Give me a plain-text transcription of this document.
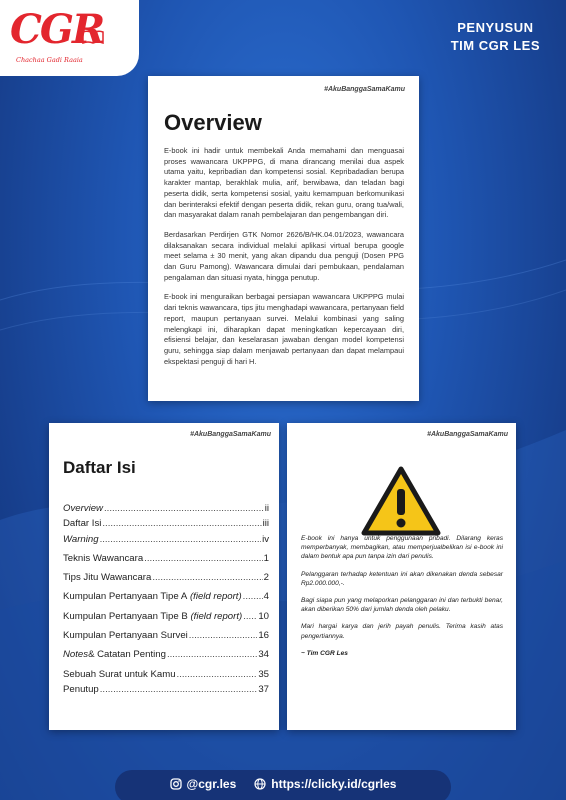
CGR
Chachaa Gadi Raaia
PENYUSUN
TIM CGR LES
#AkuBanggaSamaKamu
Overview

E-book ini hadir untuk membekali Anda memahami dan menguasai proses wawancara UKPPPG, di mana dirancang menilai dua aspek utama yaitu, kepribadian dan kompetensi sosial. Kepribadadian berupa karakter mantap, berakhlak mulia, arif, berwibawa, dan teladan bagi peserta didik, serta kompetensi sosial, yaitu kemampuan berkomunikasi dan berinteraksi efektif dengan peserta didik, rekan guru, orang tua/wali, dan masyarakat dalam ranah pembelajaran dan pengembangan diri.

Berdasarkan Perdirjen GTK Nomor 2626/B/HK.04.01/2023, wawancara dilaksanakan secara individual melalui aplikasi virtual berupa google meet selama ± 30 menit, yang akan dipandu dua penguji (Dosen PPG dan Guru Pamong). Wawancara dimulai dari pembukaan, pendalaman pengalaman dan situasi nyata, hingga penutup.

E-book ini menguraikan berbagai persiapan wawancara UKPPPG mulai dari teknis wawancara, tips jitu menghadapi wawancara, pertanyaan field report, maupun pertanyaan survei. Melalui kombinasi yang saling melengkapi ini, diharapkan dapat meningkatkan kepercayaan diri, efisiensi belajar, dan keselarasan jawaban dengan model kompetensi guru, sehingga siap dalam menjawab pertanyaan dan dapat melampaui ekspektasi penguji di hari H.

#AkuBanggaSamaKamu
Daftar Isi
Overview .....	ii
Daftar Isi .....	iii
Warning .....	iv
Teknis Wawancara .....	1
Tips Jitu Wawancara .....	2
Kumpulan Pertanyaan Tipe A
(field report) ..... 4
Kumpulan Pertanyaan Tipe B
(field report) ..... 10
Kumpulan Pertanyaan Survei .....	16
Notes & Catatan Penting .....	34
Sebuah Surat untuk Kamu .....	35
Penutup .....	37
#AkuBanggaSamaKamu

E-book ini hanya untuk penggunaan pribadi. Dilarang keras memperbanyak, membagikan, atau memperjualbelikan isi e-book ini dalam bentuk apa pun tanpa izin dari penulis.

Pelanggaran terhadap ketentuan ini akan dikenakan denda sebesar Rp2.000.000,-.

Bagi siapa pun yang melaporkan pelanggaran ini dan terbukti benar, akan diberikan 50% dari jumlah denda oleh pelaku.

Mari hargai karya dan jerih payah penulis. Terima kasih atas pengertiannya.

~ Tim CGR Les

@cgr.les	https://clicky.id/cgrles
